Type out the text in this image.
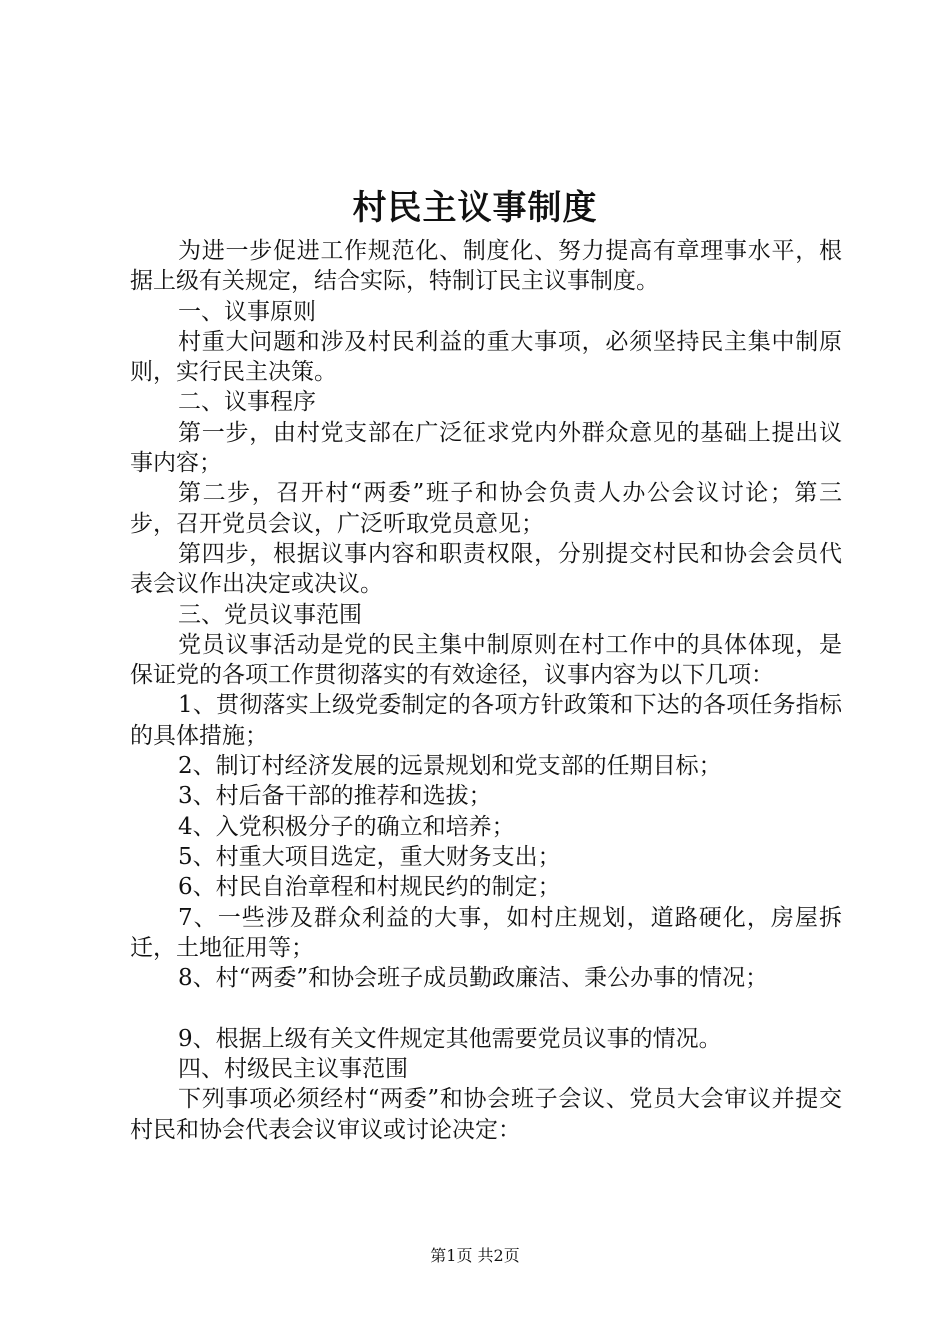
村民主议事制度

为进一步促进工作规范化、制度化、努力提高有章理事水平，根据上级有关规定，结合实际，特制订民主议事制度。

一、议事原则

村重大问题和涉及村民利益的重大事项，必须坚持民主集中制原则，实行民主决策。

二、议事程序

第一步，由村党支部在广泛征求党内外群众意见的基础上提出议事内容；

第二步，召开村“两委”班子和协会负责人办公会议讨论；第三步，召开党员会议，广泛听取党员意见；

第四步，根据议事内容和职责权限，分别提交村民和协会会员代表会议作出决定或决议。

三、党员议事范围

党员议事活动是党的民主集中制原则在村工作中的具体体现，是保证党的各项工作贯彻落实的有效途径，议事内容为以下几项：

1、贯彻落实上级党委制定的各项方针政策和下达的各项任务指标的具体措施；

2、制订村经济发展的远景规划和党支部的任期目标；

3、村后备干部的推荐和选拔；

4、入党积极分子的确立和培养；

5、村重大项目选定，重大财务支出；

6、村民自治章程和村规民约的制定；

7、一些涉及群众利益的大事，如村庄规划，道路硬化，房屋拆迁，土地征用等；

8、村“两委”和协会班子成员勤政廉洁、秉公办事的情况；

9、根据上级有关文件规定其他需要党员议事的情况。

四、村级民主议事范围

下列事项必须经村“两委”和协会班子会议、党员大会审议并提交村民和协会代表会议审议或讨论决定：

第1页 共2页
